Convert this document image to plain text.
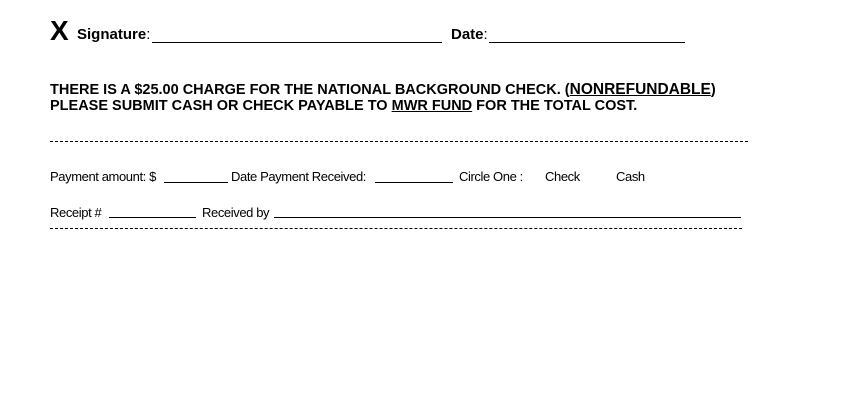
X Signature:	Date:
THERE IS A $25.00 CHARGE FOR THE NATIONAL BACKGROUND CHECK. (NONREFUNDABLE)
PLEASE SUBMIT CASH OR CHECK PAYABLE TO MWR FUND FOR THE TOTAL COST.
Payment amount: $	Date Payment Received:	Circle One : Check	Cash
Receipt #	Received by
